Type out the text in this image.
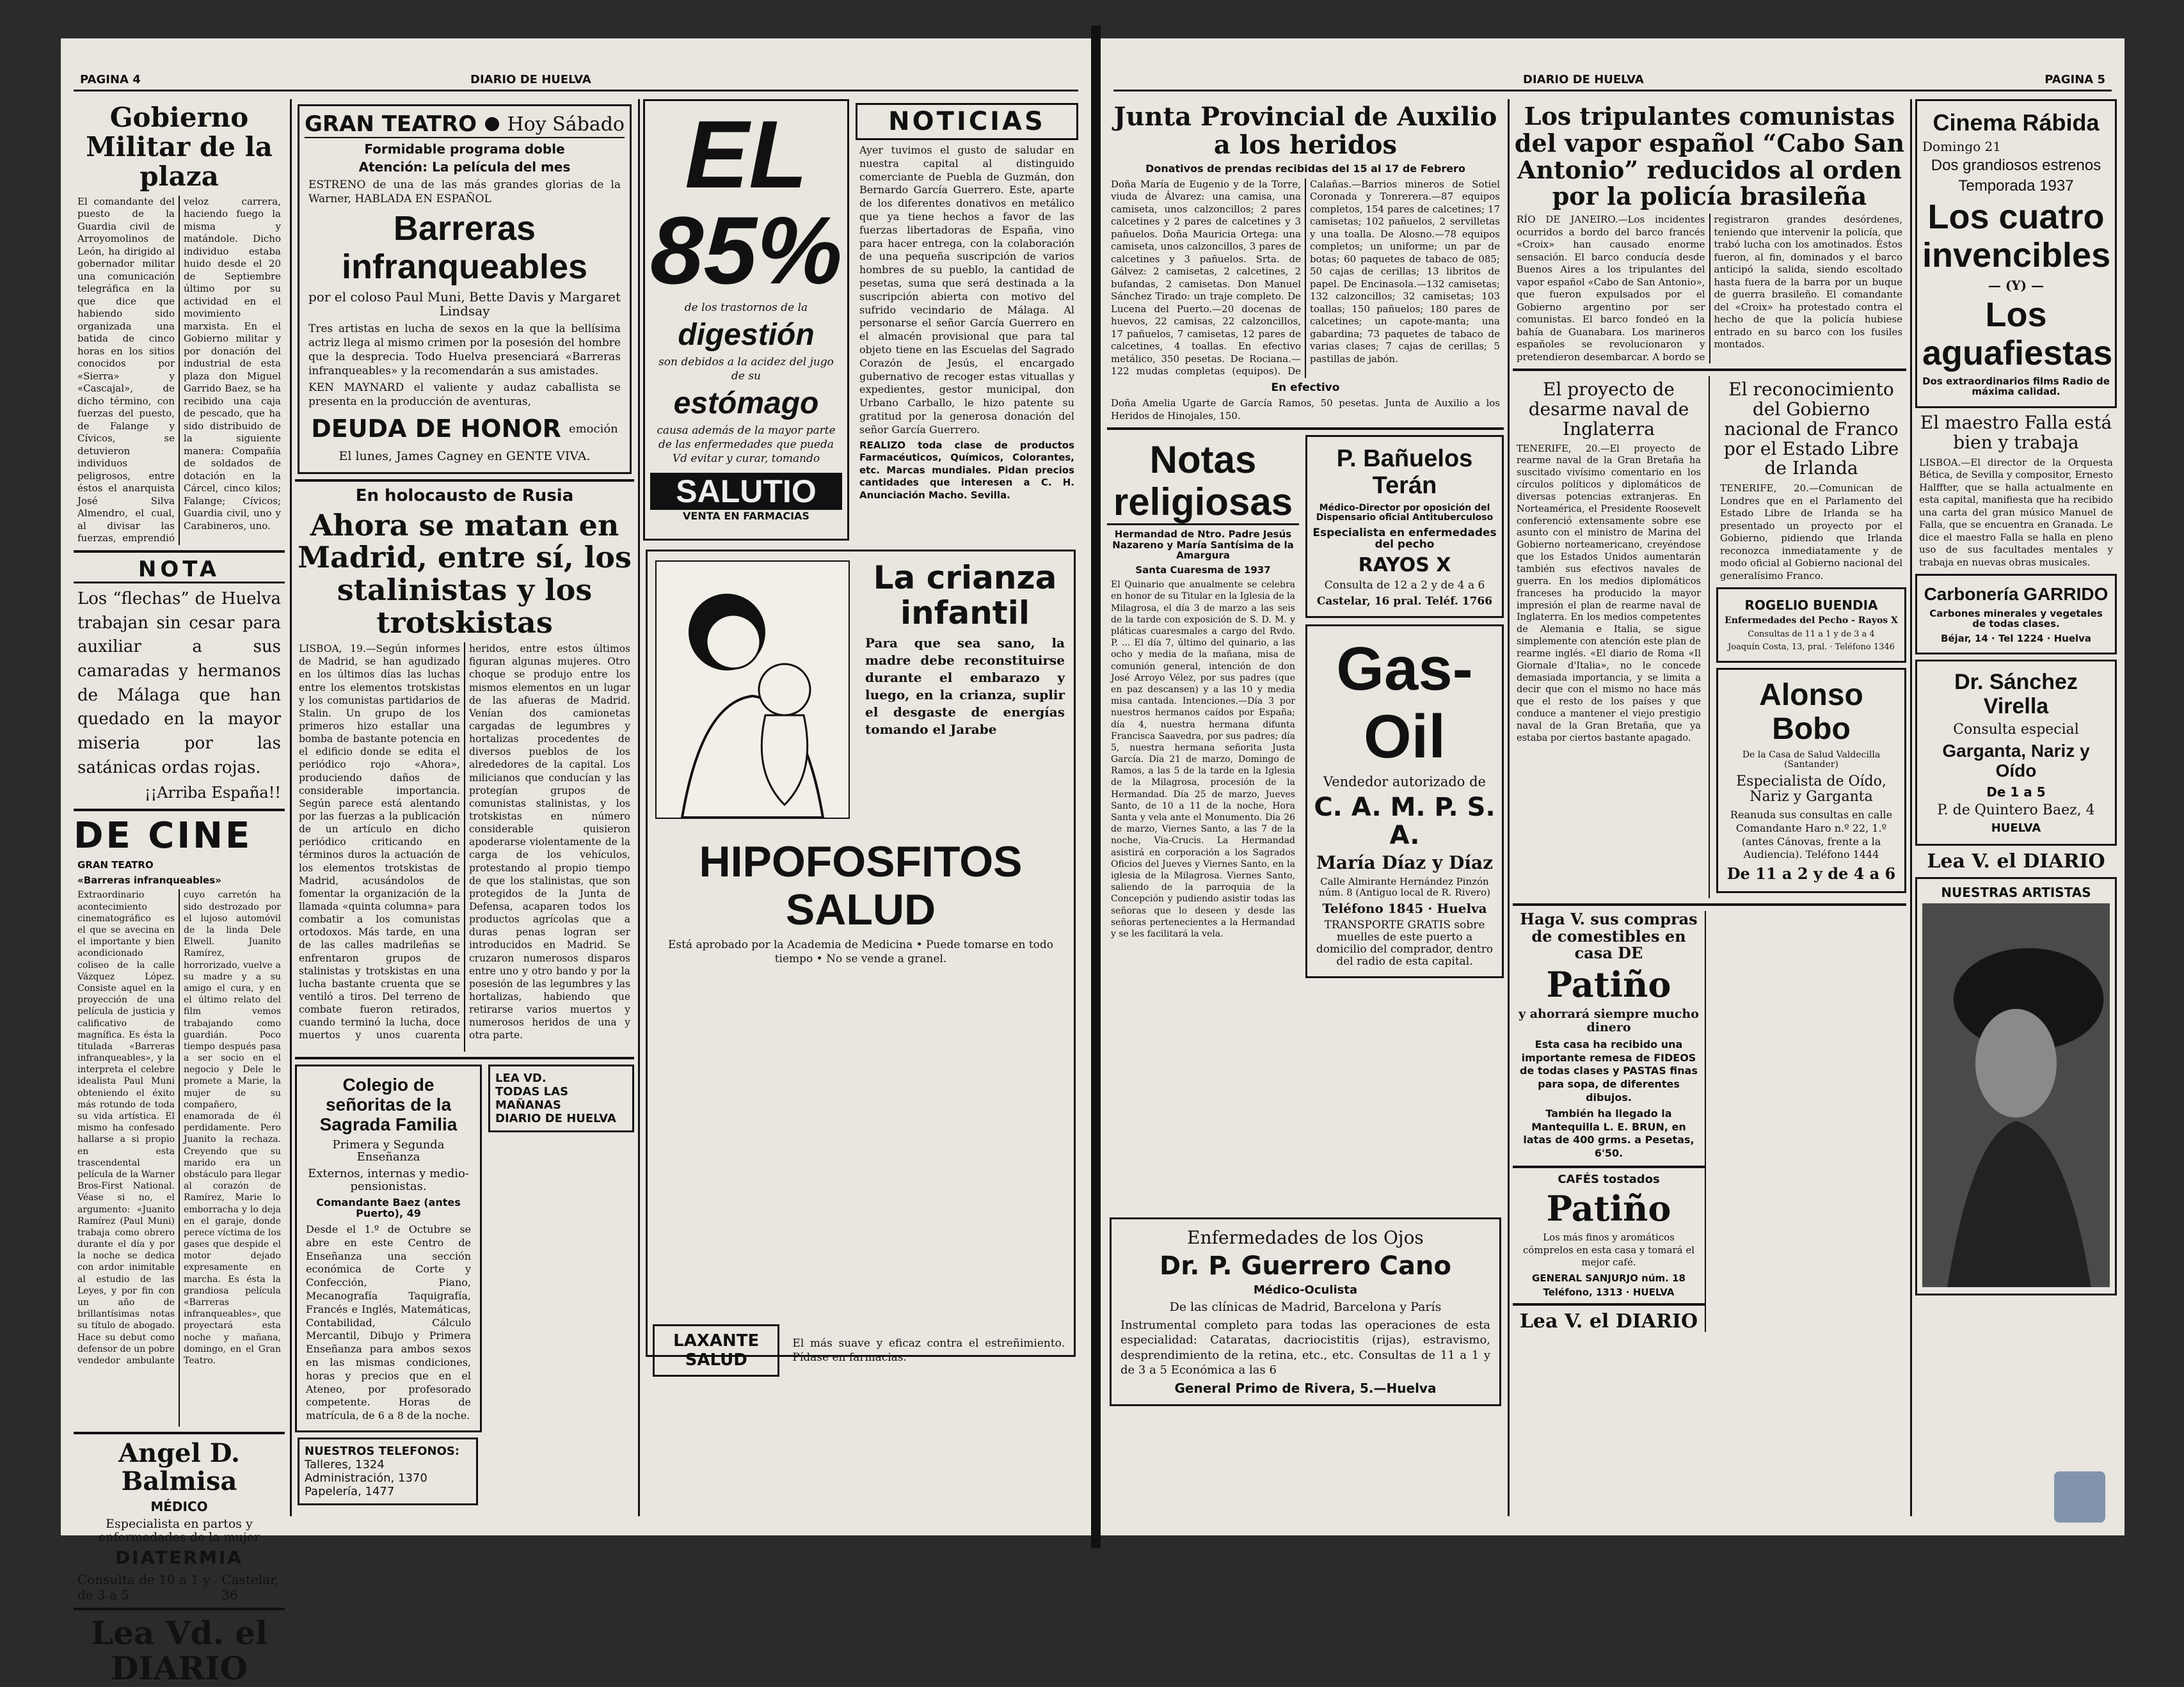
PAGINA 4	DIARIO DE HUELVA
Gobierno Militar de la plaza
El comandante del puesto de la Guardia civil de Arroyomolinos de León, ha dirigido al gobernador militar una comunicación telegráfica en la que dice que habiendo sido organizada una batida de cinco horas en los sitios conocidos por «Sierra» y «Cascajal», de dicho término, con fuerzas del puesto, de Falange y Cívicos, se detuvieron individuos peligrosos, entre éstos el anarquista José Silva Almendro, el cual, al divisar las fuerzas, emprendió veloz carrera, haciendo fuego la misma y matándole. Dicho individuo estaba huido desde el 20 de Septiembre último por su actividad en el movimiento marxista. En el Gobierno militar y por donación del industrial de esta plaza don Miguel Garrido Baez, se ha recibido una caja de pescado, que ha sido distribuido de la siguiente manera: Compañía de soldados de dotación en la Cárcel, cinco kilos; Falange; Cívicos; Guardia civil, uno y Carabineros, uno.
NOTA
Los “flechas” de Huelva trabajan sin cesar para auxiliar a sus camaradas y hermanos de Málaga que han quedado en la mayor miseria por las satánicas ordas rojas.
¡¡Arriba España!!
DE CINE
GRAN TEATRO
«Barreras infranqueables»
Extraordinario acontecimiento cinematográfico es el que se avecina en el importante y bien acondicionado coliseo de la calle Vázquez López. Consiste aquel en la proyección de una película de justicia y calificativo de magnífica. Es ésta la titulada «Barreras infranqueables», y la interpreta el celebre idealista Paul Muni obteniendo el éxito más rotundo de toda su vida artística. El mismo ha confesado hallarse a si propio en esta trascendental película de la Warner Bros-First National. Véase si no, el argumento: «Juanito Ramírez (Paul Muni) trabaja como obrero durante el día y por la noche se dedica con ardor inimitable al estudio de las Leyes, y por fin con un año de brillantísimas notas su título de abogado. Hace su debut como defensor de un pobre vendedor ambulante cuyo carretón ha sido destrozado por el lujoso automóvil de la linda Dele Elwell. Juanito Ramírez, horrorizado, vuelve a su madre y a su amigo el cura, y en el último relato del film vemos trabajando como guardián. Poco tiempo después pasa a ser socio en el negocio y Dele le promete a Marie, la mujer de su compañero, enamorada de él perdidamente. Pero Juanito la rechaza. Creyendo que su marido era un obstáculo para llegar al corazón de Ramírez, Marie lo emborracha y lo deja en el garaje, donde perece víctima de los gases que despide el motor dejado expresamente en marcha. Es ésta la grandiosa película «Barreras infranqueables», que proyectará esta noche y mañana, domingo, en el Gran Teatro.
Angel D. Balmisa
MÉDICO
Especialista en partos y enfermedades de la mujer
DIATERMIA
Consulta de 10 a 1 y de 3 a 5
Castelar, 36
Lea Vd. el DIARIO
GRAN TEATRO Hoy Sábado
Formidable programa doble
Atención: La película del mes
ESTRENO de una de las más grandes glorias de la Warner, HABLADA EN ESPAÑOL
Barreras infranqueables
por el coloso Paul Muni, Bette Davis y Margaret Lindsay
Tres artistas en lucha de sexos en la que la bellísima actriz llega al mismo crimen por la posesión del hombre que la desprecia. Todo Huelva presenciará «Barreras infranqueables» y la recomendarán a sus amistades.
KEN MAYNARD el valiente y audaz caballista se presenta en la producción de aventuras,
DEUDA DE HONOR emoción
El lunes, James Cagney en GENTE VIVA.
En holocausto de Rusia
Ahora se matan en Madrid, entre sí, los stalinistas y los trotskistas
LISBOA, 19.—Según informes de Madrid, se han agudizado en los últimos días las luchas entre los elementos trotskistas y los comunistas partidarios de Stalin. Un grupo de los primeros hizo estallar una bomba de bastante potencia en el edificio donde se edita el periódico rojo «Ahora», produciendo daños de considerable importancia. Según parece está alentando por las fuerzas a la publicación de un artículo en dicho periódico criticando en términos duros la actuación de los elementos trotskistas de Madrid, acusándolos de fomentar la organización de la llamada «quinta columna» para combatir a los comunistas ortodoxos. Más tarde, en una de las calles madrileñas se enfrentaron grupos de stalinistas y trotskistas en una lucha bastante cruenta que se ventiló a tiros. Del terreno de combate fueron retirados, cuando terminó la lucha, doce muertos y unos cuarenta heridos, entre estos últimos figuran algunas mujeres. Otro choque se produjo entre los mismos elementos en un lugar de las afueras de Madrid. Venían dos camionetas cargadas de legumbres y hortalizas procedentes de diversos pueblos de los alrededores de la capital. Los milicianos que conducían y las protegían grupos de comunistas stalinistas, y los trotskistas en número considerable quisieron apoderarse violentamente de la carga de los vehículos, protestando al propio tiempo de que los stalinistas, que son protegidos de la Junta de Defensa, acaparen todos los productos agrícolas que a duras penas logran ser introducidos en Madrid. Se cruzaron numerosos disparos entre uno y otro bando y por la posesión de las legumbres y las hortalizas, habiendo que retirarse varios muertos y numerosos heridos de una y otra parte.
Colegio de señoritas de la Sagrada Familia
Primera y Segunda Enseñanza
Externos, internas y medio-pensionistas.
Comandante Baez (antes Puerto), 49
Desde el 1.º de Octubre se abre en este Centro de Enseñanza una sección económica de Corte y Confección, Piano, Mecanografía Taquigrafía, Francés e Inglés, Matemáticas, Contabilidad, Cálculo Mercantil, Dibujo y Primera Enseñanza para ambos sexos en las mismas condiciones, horas y precios que en el Ateneo, por profesorado competente. Horas de matrícula, de 6 a 8 de la noche.
LEA VD.
TODAS LAS MAÑANAS
DIARIO DE HUELVA
NUESTROS TELEFONOS:
Talleres, 1324
Administración, 1370
Papelería, 1477
EL 85%
de los trastornos de la
digestión
son debidos a la acidez del jugo de su
estómago
causa además de la mayor parte de las enfermedades que pueda Vd evitar y curar, tomando
SALUTIO
VENTA EN FARMACIAS
NOTICIAS
Ayer tuvimos el gusto de saludar en nuestra capital al distinguido comerciante de Puebla de Guzmán, don Bernardo García Guerrero. Este, aparte de los diferentes donativos en metálico que ya tiene hechos a favor de las fuerzas libertadoras de España, vino para hacer entrega, con la colaboración de una pequeña suscripción de varios hombres de su pueblo, la cantidad de pesetas, suma que será destinada a la suscripción abierta con motivo del sufrido vecindario de Málaga. Al personarse el señor García Guerrero en el almacén provisional que para tal objeto tiene en las Escuelas del Sagrado Corazón de Jesús, el encargado gubernativo de recoger estas vituallas y expedientes, gestor municipal, don Urbano Carballo, le hizo patente su gratitud por la generosa donación del señor García Guerrero.
REALIZO toda clase de productos Farmacéuticos, Químicos, Colorantes, etc. Marcas mundiales. Pidan precios cantidades que interesen a C. H. Anunciación Macho. Sevilla.
La crianza infantil
Para que sea sano, la madre debe reconstituirse durante el embarazo y luego, en la crianza, suplir el desgaste de energías tomando el Jarabe
HIPOFOSFITOS SALUD
Está aprobado por la Academia de Medicina • Puede tomarse en todo tiempo • No se vende a granel.
LAXANTE SALUD
El más suave y eficaz contra el estreñimiento. Pídase en farmacias.
DIARIO DE HUELVA	PAGINA 5
Junta Provincial de Auxilio a los heridos
Donativos de prendas recibidas del 15 al 17 de Febrero
Doña María de Eugenio y de la Torre, viuda de Álvarez: una camisa, una camiseta, unos calzoncillos; 2 pares calcetines y 2 pares de calcetines y 3 pañuelos. Doña Mauricia Ortega: una camiseta, unos calzoncillos, 3 pares de calcetines y 3 pañuelos. Srta. de Gálvez: 2 camisetas, 2 calcetines, 2 bufandas, 2 camisetas. Don Manuel Sánchez Tirado: un traje completo. De Lucena del Puerto.—20 docenas de huevos, 22 camisas, 22 calzoncillos, 17 pañuelos, 7 camisetas, 12 pares de calcetines, 4 toallas. En efectivo metálico, 350 pesetas. De Rociana.—122 mudas completas (equipos). De Calañas.—Barrios mineros de Sotiel Coronada y Tonrerera.—87 equipos completos, 154 pares de calcetines; 17 camisetas; 102 pañuelos, 2 servilletas y una toalla. De Alosno.—78 equipos completos; un uniforme; un par de botas; 60 paquetes de tabaco de 085; 50 cajas de cerillas; 13 libritos de papel. De Encinasola.—132 camisetas; 132 calzoncillos; 32 camisetas; 103 toallas; 150 pañuelos; 180 pares de calcetines; un capote-manta; una gabardina; 73 paquetes de tabaco de varias clases; 7 cajas de cerillas; 5 pastillas de jabón.
En efectivo
Doña Amelia Ugarte de García Ramos, 50 pesetas. Junta de Auxilio a los Heridos de Hinojales, 150.
Notas religiosas
Hermandad de Ntro. Padre Jesús Nazareno y María Santísima de la Amargura
Santa Cuaresma de 1937
El Quinario que anualmente se celebra en honor de su Titular en la Iglesia de la Milagrosa, el día 3 de marzo a las seis de la tarde con exposición de S. D. M. y pláticas cuaresmales a cargo del Rvdo. P. ... El día 7, último del quinario, a las ocho y media de la mañana, misa de comunión general, intención de don José Arroyo Vélez, por sus padres (que en paz descansen) y a las 10 y media misa cantada. Intenciones.—Día 3 por nuestros hermanos caídos por España; día 4, nuestra hermana difunta Francisca Saavedra, por sus padres; día 5, nuestra hermana señorita Justa García. Día 21 de marzo, Domingo de Ramos, a las 5 de la tarde en la Iglesia de la Milagrosa, procesión de la Hermandad. Día 25 de marzo, Jueves Santo, de 10 a 11 de la noche, Hora Santa y vela ante el Monumento. Día 26 de marzo, Viernes Santo, a las 7 de la noche, Via-Crucis. La Hermandad asistirá en corporación a los Sagrados Oficios del Jueves y Viernes Santo, en la iglesia de la Milagrosa. Viernes Santo, saliendo de la parroquia de la Concepción y pudiendo asistir todas las señoras que lo deseen y desde las señoras pertenecientes a la Hermandad y se les facilitará la vela.
P. Bañuelos Terán
Médico-Director por oposición del Dispensario oficial Antituberculoso
Especialista en enfermedades del pecho
RAYOS X
Consulta de 12 a 2 y de 4 a 6
Castelar, 16 pral. Teléf. 1766
Gas-Oil
Vendedor autorizado de
C. A. M. P. S. A.
María Díaz y Díaz
Calle Almirante Hernández Pinzón núm. 8 (Antiguo local de R. Rivero)
Teléfono 1845 · Huelva
TRANSPORTE GRATIS sobre muelles de este puerto a domicilio del comprador, dentro del radio de esta capital.
Enfermedades de los Ojos
Dr. P. Guerrero Cano
Médico-Oculista
De las clínicas de Madrid, Barcelona y París
Instrumental completo para todas las operaciones de esta especialidad: Cataratas, dacriocistitis (rijas), estravismo, desprendimiento de la retina, etc., etc. Consultas de 11 a 1 y de 3 a 5 Económica a las 6
General Primo de Rivera, 5.—Huelva
Los tripulantes comunistas del vapor español “Cabo San Antonio” reducidos al orden por la policía brasileña
RÍO DE JANEIRO.—Los incidentes ocurridos a bordo del barco francés «Croix» han causado enorme sensación. El barco conducía desde Buenos Aires a los tripulantes del vapor español «Cabo de San Antonio», que fueron expulsados por el Gobierno argentino por ser comunistas. El barco fondeó en la bahía de Guanabara. Los marineros españoles se revolucionaron y pretendieron desembarcar. A bordo se registraron grandes desórdenes, teniendo que intervenir la policía, que trabó lucha con los amotinados. Éstos fueron, al fin, dominados y el barco anticipó la salida, siendo escoltado hasta fuera de la barra por un buque de guerra brasileño. El comandante del «Croix» ha protestado contra el hecho de que la policía hubiese entrado en su barco con los fusiles montados.
El proyecto de desarme naval de Inglaterra
TENERIFE, 20.—El proyecto de rearme naval de la Gran Bretaña ha suscitado vivísimo comentario en los círculos políticos y diplomáticos de diversas potencias extranjeras. En Norteamérica, el Presidente Roosevelt conferenció extensamente sobre ese asunto con el ministro de Marina del Gobierno norteamericano, creyéndose que los Estados Unidos aumentarán también sus efectivos navales de guerra. En los medios diplomáticos franceses ha producido la mayor impresión el plan de rearme naval de Inglaterra. En los medios competentes de Alemania e Italia, se sigue simplemente con atención este plan de rearme inglés. «El diario de Roma «Il Giornale d'Italia», no le concede demasiada importancia, y se limita a decir que con el mismo no hace más que el resto de los países y que conduce a mantener el viejo prestigio naval de la Gran Bretaña, que ya estaba por ciertos bastante apagado.
El reconocimiento del Gobierno nacional de Franco por el Estado Libre de Irlanda
TENERIFE, 20.—Comunican de Londres que en el Parlamento del Estado Libre de Irlanda se ha presentado un proyecto por el Gobierno, pidiendo que Irlanda reconozca inmediatamente y de modo oficial al Gobierno nacional del generalísimo Franco.
ROGELIO BUENDIA
Enfermedades del Pecho - Rayos X
Consultas de 11 a 1 y de 3 a 4
Joaquín Costa, 13, pral. · Teléfono 1346
Alonso Bobo
De la Casa de Salud Valdecilla (Santander)
Especialista de Oído, Nariz y Garganta
Reanuda sus consultas en calle Comandante Haro n.º 22, 1.º (antes Cánovas, frente a la Audiencia). Teléfono 1444
De 11 a 2 y de 4 a 6
Haga V. sus compras de comestibles en casa DE
Patiño
y ahorrará siempre mucho dinero
Esta casa ha recibido una importante remesa de FIDEOS de todas clases y PASTAS finas para sopa, de diferentes dibujos.
También ha llegado la Mantequilla L. E. BRUN, en latas de 400 grms. a Pesetas, 6'50.
CAFÉS tostados
Patiño
Los más finos y aromáticos cómprelos en esta casa y tomará el mejor café.
GENERAL SANJURJO núm. 18
Teléfono, 1313 · HUELVA
Lea V. el DIARIO
Cinema Rábida
Domingo 21
Dos grandiosos estrenos
Temporada 1937
Los cuatro invencibles
— (Y) —
Los aguafiestas
Dos extraordinarios films Radio de máxima calidad.
El maestro Falla está bien y trabaja
LISBOA.—El director de la Orquesta Bética, de Sevilla y compositor, Ernesto Halffter, que se halla actualmente en esta capital, manifiesta que ha recibido una carta del gran músico Manuel de Falla, que se encuentra en Granada. Le dice el maestro Falla se halla en pleno uso de sus facultades mentales y trabaja en nuevas obras musicales.
Carbonería GARRIDO
Carbones minerales y vegetales de todas clases.
Béjar, 14 · Tel 1224 · Huelva
Dr. Sánchez Virella
Consulta especial
Garganta, Nariz y Oído
De 1 a 5
P. de Quintero Baez, 4
HUELVA
Lea V. el DIARIO
NUESTRAS ARTISTAS
